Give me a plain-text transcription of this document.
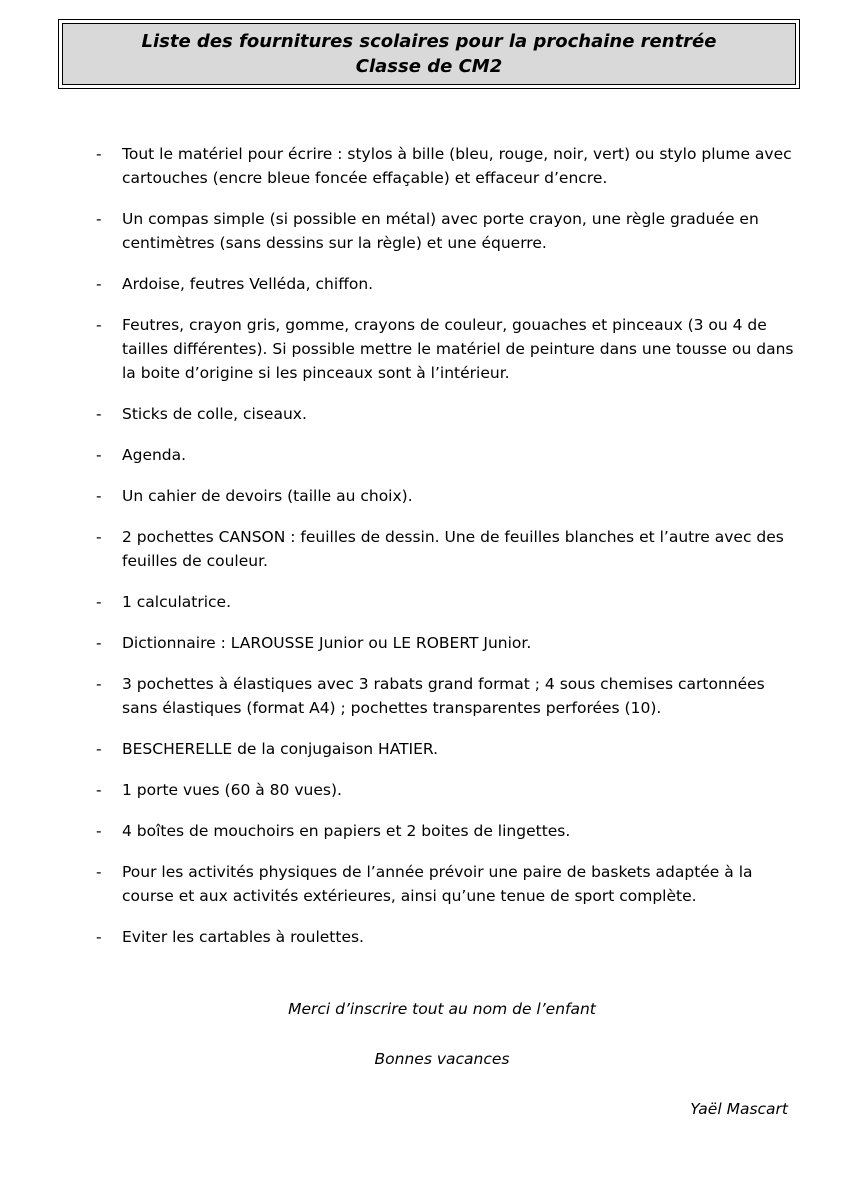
Liste des fournitures scolaires pour la prochaine rentrée
Classe de CM2
- Tout le matériel pour écrire : stylos à bille (bleu, rouge, noir, vert) ou stylo plume avec cartouches (encre bleue foncée effaçable) et effaceur d’encre.
- Un compas simple (si possible en métal) avec porte crayon, une règle graduée en centimètres (sans dessins sur la règle) et une équerre.
- Ardoise, feutres Velléda, chiffon.
- Feutres, crayon gris, gomme, crayons de couleur, gouaches et pinceaux (3 ou 4 de tailles différentes). Si possible mettre le matériel de peinture dans une tousse ou dans la boite d’origine si les pinceaux sont à l’intérieur.
- Sticks de colle, ciseaux.
- Agenda.
- Un cahier de devoirs (taille au choix).
- 2 pochettes CANSON : feuilles de dessin. Une de feuilles blanches et l’autre avec des feuilles de couleur.
- 1 calculatrice.
- Dictionnaire : LAROUSSE Junior ou LE ROBERT Junior.
- 3 pochettes à élastiques avec 3 rabats grand format ; 4 sous chemises cartonnées sans élastiques (format A4) ; pochettes transparentes perforées (10).
- BESCHERELLE de la conjugaison HATIER.
- 1 porte vues (60 à 80 vues).
- 4 boîtes de mouchoirs en papiers et 2 boites de lingettes.
- Pour les activités physiques de l’année prévoir une paire de baskets adaptée à la course et aux activités extérieures, ainsi qu’une tenue de sport complète.
- Eviter les cartables à roulettes.
Merci d’inscrire tout au nom de l’enfant
Bonnes vacances
Yaël Mascart
